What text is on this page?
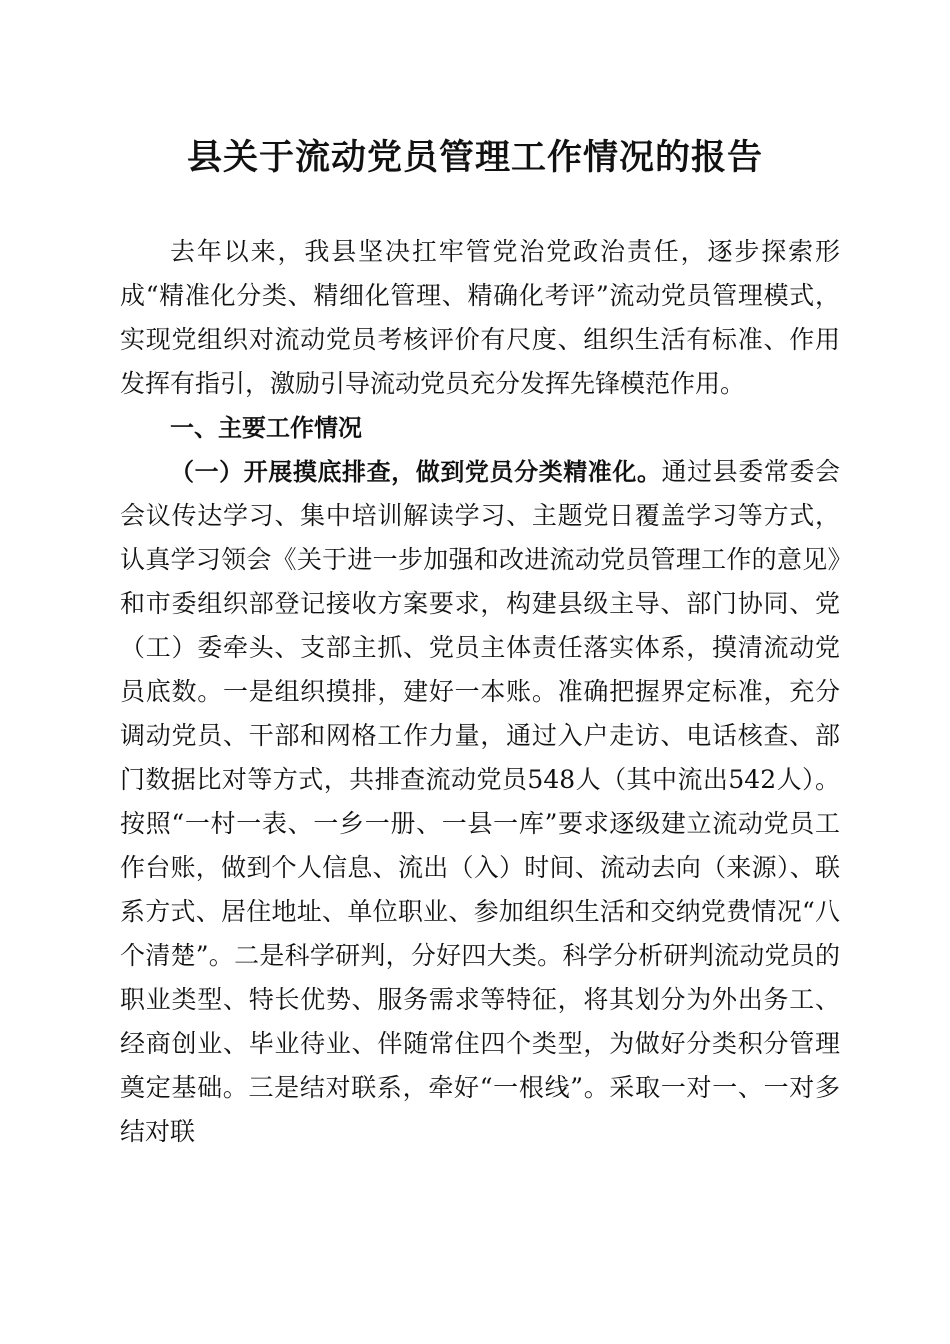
县关于流动党员管理工作情况的报告

去年以来，我县坚决扛牢管党治党政治责任，逐步探索形成“精准化分类、精细化管理、精确化考评”流动党员管理模式，实现党组织对流动党员考核评价有尺度、组织生活有标准、作用发挥有指引，激励引导流动党员充分发挥先锋模范作用。

一、主要工作情况

（一）开展摸底排查，做到党员分类精准化。通过县委常委会会议传达学习、集中培训解读学习、主题党日覆盖学习等方式，认真学习领会《关于进一步加强和改进流动党员管理工作的意见》和市委组织部登记接收方案要求，构建县级主导、部门协同、党（工）委牵头、支部主抓、党员主体责任落实体系，摸清流动党员底数。一是组织摸排，建好一本账。准确把握界定标准，充分调动党员、干部和网格工作力量，通过入户走访、电话核查、部门数据比对等方式，共排查流动党员548人（其中流出542人）。按照“一村一表、一乡一册、一县一库”要求逐级建立流动党员工作台账，做到个人信息、流出（入）时间、流动去向（来源）、联系方式、居住地址、单位职业、参加组织生活和交纳党费情况“八个清楚”。二是科学研判，分好四大类。科学分析研判流动党员的职业类型、特长优势、服务需求等特征，将其划分为外出务工、经商创业、毕业待业、伴随常住四个类型，为做好分类积分管理奠定基础。三是结对联系，牵好“一根线”。采取一对一、一对多结对联
